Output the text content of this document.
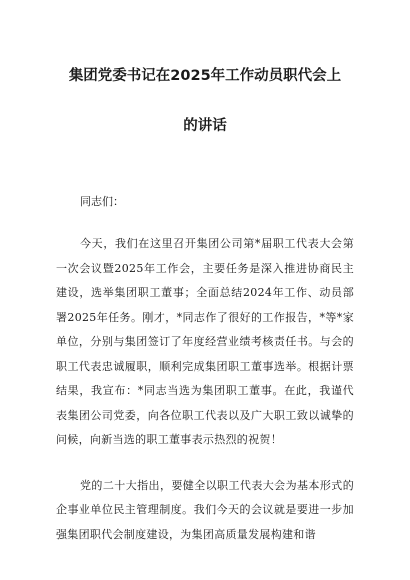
集团党委书记在2025年工作动员职代会上
的讲话
同志们：

今天，我们在这里召开集团公司第*届职工代表大会第一次会议暨2025年工作会，主要任务是深入推进协商民主建设，选举集团职工董事；全面总结2024年工作、动员部署2025年任务。刚才，*同志作了很好的工作报告，*等*家单位，分别与集团签订了年度经营业绩考核责任书。与会的职工代表忠诚履职，顺利完成集团职工董事选举。根据计票结果，我宣布：*同志当选为集团职工董事。在此，我谨代表集团公司党委，向各位职工代表以及广大职工致以诚挚的问候，向新当选的职工董事表示热烈的祝贺！

党的二十大指出，要健全以职工代表大会为基本形式的企事业单位民主管理制度。我们今天的会议就是要进一步加强集团职代会制度建设，为集团高质量发展构建和谐
